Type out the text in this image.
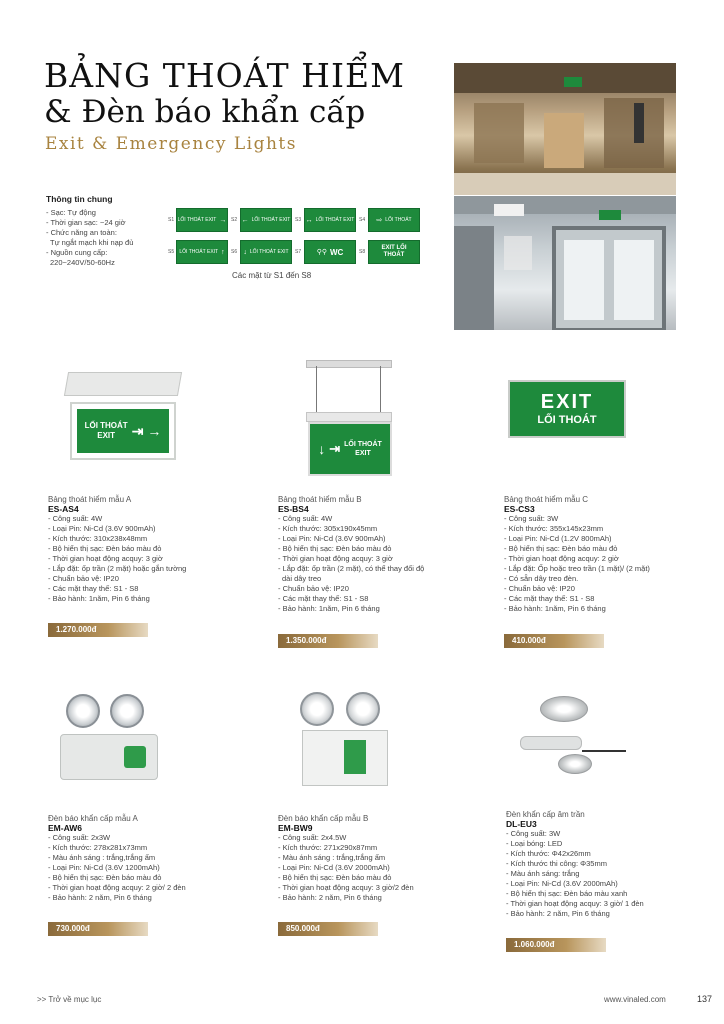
BẢNG THOÁT HIỂM
& Đèn báo khẩn cấp
Exit & Emergency Lights
Thông tin chung
- Sạc: Tự động
- Thời gian sạc: ~24 giờ
- Chức năng an toàn:
Tự ngắt mạch khi nạp đủ
- Nguồn cung cấp:
220~240V/50-60Hz
S1 LỐI THOÁT EXIT → S2 ← LỐI THOÁT EXIT S3 ↔ LỐI THOÁT EXIT S4 ⇨ LỐI THOÁT
S5 LỐI THOÁT EXIT ↑ S6 ↓ LỐI THOÁT EXIT S7 ⚲⚲ WC	S8
EXIT LỐI THOÁT
Các mặt từ S1 đến S8
LỐI THOÁT
EXIT	⇥ →
↓ ⇥ LỐI THOÁT
EXIT
EXIT
LỐI THOÁT
Bảng thoát hiểm mẫu A
ES-AS4
- Công suất: 4W
- Loại Pin: Ni-Cd (3.6V 900mAh)
- Kích thước: 310x238x48mm
- Bộ hiển thị sạc: Đèn báo màu đỏ
- Thời gian hoạt động acquy: 3 giờ
- Lắp đặt: ốp trần (2 mặt) hoặc gắn tường
- Chuẩn bảo vệ: IP20
- Các mặt thay thế: S1 - S8
- Bảo hành: 1năm, Pin 6 tháng
1.270.000đ
Bảng thoát hiểm mẫu B
ES-BS4
- Công suất: 4W
- Kích thước: 305x190x45mm
- Loại Pin: Ni-Cd (3.6V 900mAh)
- Bộ hiển thị sạc: Đèn báo màu đỏ
- Thời gian hoạt động acquy: 3 giờ
- Lắp đặt: ốp trần (2 mặt), có thể thay đổi độ
dài dây treo
- Chuẩn bảo vệ: IP20
- Các mặt thay thế: S1 - S8
- Bảo hành: 1năm, Pin 6 tháng
1.350.000đ
Bảng thoát hiểm mẫu C
ES-CS3
- Công suất: 3W
- Kích thước: 355x145x23mm
- Loại Pin: Ni-Cd (1.2V 800mAh)
- Bộ hiển thị sạc: Đèn báo màu đỏ
- Thời gian hoạt động acquy: 2 giờ
- Lắp đặt: Ốp hoặc treo trần (1 mặt)/ (2 mặt)
- Có sẵn dây treo đèn.
- Chuẩn bảo vệ: IP20
- Các mặt thay thế: S1 - S8
- Bảo hành: 1năm, Pin 6 tháng
410.000đ
Đèn báo khẩn cấp mẫu A
EM-AW6
- Công suất: 2x3W
- Kích thước: 278x281x73mm
- Màu ánh sáng : trắng,trắng ấm
- Loại Pin: Ni-Cd (3.6V 1200mAh)
- Bộ hiển thị sạc: Đèn báo màu đỏ
- Thời gian hoạt động acquy: 2 giờ/ 2 đèn
- Bảo hành: 2 năm, Pin 6 tháng
730.000đ
Đèn báo khẩn cấp mẫu B
EM-BW9
- Công suất: 2x4.5W
- Kích thước: 271x290x87mm
- Màu ánh sáng : trắng,trắng ấm
- Loại Pin: Ni-Cd (3.6V 2000mAh)
- Bộ hiển thị sạc: Đèn báo màu đỏ
- Thời gian hoạt động acquy: 3 giờ/2 đèn
- Bảo hành: 2 năm, Pin 6 tháng
850.000đ
Đèn khẩn cấp âm trần
DL-EU3
- Công suất: 3W
- Loại bóng: LED
- Kích thước: Φ42x26mm
- Kích thước thi công: Φ35mm
- Màu ánh sáng: trắng
- Loại Pin: Ni-Cd (3.6V 2000mAh)
- Bộ hiển thị sạc: Đèn báo màu xanh
- Thời gian hoạt động acquy: 3 giờ/ 1 đèn
- Bảo hành: 2 năm, Pin 6 tháng
1.060.000đ
>> Trở về mục lục	www.vinaled.com	137
